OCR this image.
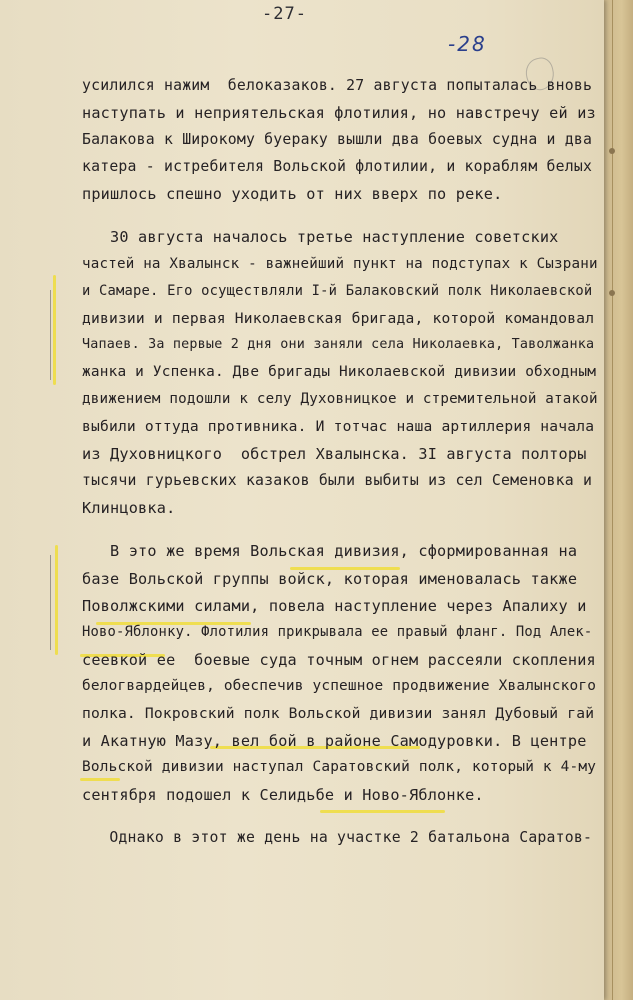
-27-
-28
усилился нажим  белоказаков. 27 августа попыталась вновь
наступать и неприятельская флотилия, но навстречу ей из
Балакова к Широкому буераку вышли два боевых судна и два
катера - иcтребителя Вольской флотилии, и кораблям белых
пришлось спешно уходить от них вверх по реке.
30 августа началось третье наступление советских
частей на Хвалынск - важнейший пункт на подступах к Сызрани
и Самаре. Его осуществляли I-й Балаковский полк Николаевской
дивизии и первая Николаевская бригада, которой командовал
Чапаев. За первые 2 дня они заняли села Николаевка, Таволжанка
жанка и Успенка. Две бригады Николаевской дивизии обходным
движением подошли к селу Духовницкое и стремительной атакой
выбили оттуда противника. И тотчас наша артиллерия начала
из Духовницкого  обстрел Хвалынска. 3I августа полторы
тысячи гурьевских казаков были выбиты из сел Семеновка и
Клинцовка.
В это же время Вольская дивизия, сформированная на
базе Вольской группы войск, которая именовалась также
Поволжскими силами, повела наступление через Апалиху и
Ново-Яблонку. Флотилия прикрывала ее правый фланг. Под Алек-
сеевкой ее  боевые суда точным огнем рассеяли скопления
белогвардейцев, обеспечив успешное продвижение Хвалынского
полка. Покровский полк Вольской дивизии занял Дубовый гай
и Акатную Мазу, вел бой в районе Самодуровки. В центре
Вольской дивизии наступал Саратовский полк, который к 4-му
сентября подошел к Селидьбе и Ново-Яблонке.
Однако в этот же день на участке 2 батальона Саратов-
